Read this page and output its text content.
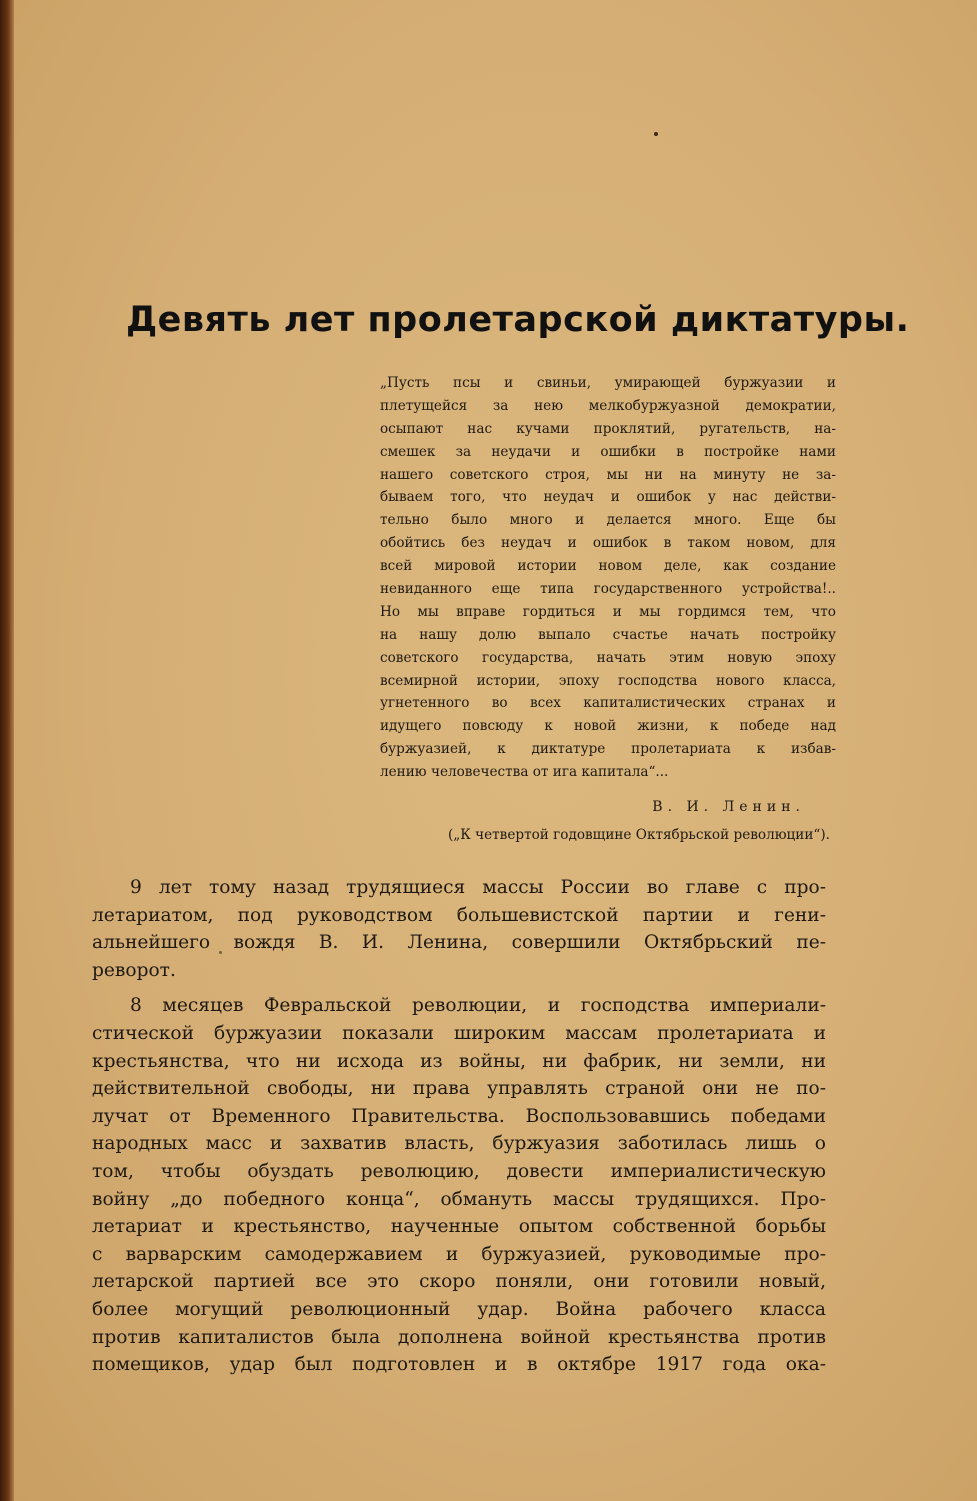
Девять лет пролетарской диктатуры.
„Пусть псы и свиньи, умирающей буржуазии и
плетущейся за нею мелкобуржуазной демократии,
осыпают нас кучами проклятий, ругательств, на-
смешек за неудачи и ошибки в постройке нами
нашего советского строя, мы ни на минуту не за-
бываем того, что неудач и ошибок у нас действи-
тельно было много и делается много. Еще бы
обойтись без неудач и ошибок в таком новом, для
всей мировой истории новом деле, как создание
невиданного еще типа государственного устройства!..
Но мы вправе гордиться и мы гордимся тем, что
на нашу долю выпало счастье начать постройку
советского государства, начать этим новую эпоху
всемирной истории, эпоху господства нового класса,
угнетенного во всех капиталистических странах и
идущего повсюду к новой жизни, к победе над
буржуазией, к диктатуре пролетариата к избав-
лению человечества от ига капитала“...
В. И. Ленин.
(„К четвертой годовщине Октябрьской революции“).
9 лет тому назад трудящиеся массы России во главе с про-
летариатом, под руководством большевистской партии и гени-
альнейшего вождя В. И. Ленина, совершили Октябрьский пе-
реворот.
8 месяцев Февральской революции, и господства империали-
стической буржуазии показали широким массам пролетариата и
крестьянства, что ни исхода из войны, ни фабрик, ни земли, ни
действительной свободы, ни права управлять страной они не по-
лучат от Временного Правительства. Воспользовавшись победами
народных масс и захватив власть, буржуазия заботилась лишь о
том, чтобы обуздать революцию, довести империалистическую
войну „до победного конца“, обмануть массы трудящихся. Про-
летариат и крестьянство, наученные опытом собственной борьбы
с варварским самодержавием и буржуазией, руководимые про-
летарской партией все это скоро поняли, они готовили новый,
более могущий революционный удар. Война рабочего класса
против капиталистов была дополнена войной крестьянства против
помещиков, удар был подготовлен и в октябре 1917 года ока-
